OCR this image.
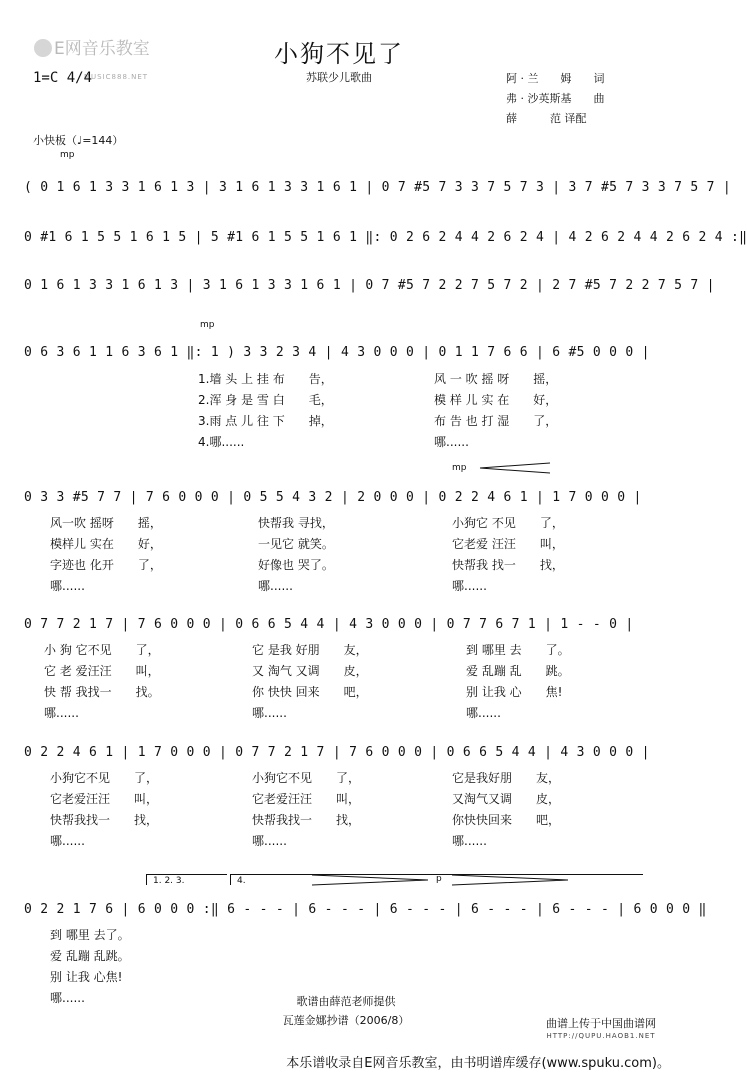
E网音乐教室
MUSIC888.NET
小狗不见了
苏联少儿歌曲
1=C 4/4	阿 · 兰　　姆　　词
弗 · 沙英斯基　　曲
薛　　　范 译配
小快板（♩=144）
mp
( 0 1 6 1 3 3 1 6 1 3 | 3 1 6 1 3 3 1 6 1 | 0 7 #5 7 3 3 7 5 7 3 | 3 7 #5 7 3 3 7 5 7 |
0 #1 6 1 5 5 1 6 1 5 | 5 #1 6 1 5 5 1 6 1 ‖: 0 2 6 2 4 4 2 6 2 4 | 4 2 6 2 4 4 2 6 2 4 :‖
0 1 6 1 3 3 1 6 1 3 | 3 1 6 1 3 3 1 6 1 | 0 7 #5 7 2 2 7 5 7 2 | 2 7 #5 7 2 2 7 5 7 |
mp
0 6 3 6 1 1 6 3 6 1 ‖: 1 ) 3 3 2 3 4 | 4 3 0 0 0 | 0 1 1 7 6 6 | 6 #5 0 0 0 |
1.墙 头 上 挂 布　　告，
2.浑 身 是 雪 白　　毛，
3.雨 点 儿 往 下　　掉，
4.哪......
风 一 吹 摇 呀　　摇，
模 样 儿 实 在　　好，
布 告 也 打 湿　　了，
哪......
mp
0 3 3 #5 7 7 | 7 6 0 0 0 | 0 5 5 4 3 2 | 2 0 0 0 | 0 2 2 4 6 1 | 1 7 0 0 0 |
风一吹 摇呀　　摇，
模样儿 实在　　好，
字迹也 化开　　了，
哪......
快帮我 寻找，
一见它 就笑。
好像也 哭了。
哪......
小狗它 不见　　了，
它老爱 汪汪　　叫，
快帮我 找一　　找，
哪......
0 7 7 2 1 7 | 7 6 0 0 0 | 0 6 6 5 4 4 | 4 3 0 0 0 | 0 7 7 6 7 1 | 1 - - 0 |
小 狗 它不见　　了，
它 老 爱汪汪　　叫，
快 帮 我找一　　找。
哪......
它 是我 好朋　　友，
又 淘气 又调　　皮，
你 快快 回来　　吧，
哪......
到 哪里 去　　了。
爱 乱蹦 乱　　跳。
别 让我 心　　焦!
哪......
0 2 2 4 6 1 | 1 7 0 0 0 | 0 7 7 2 1 7 | 7 6 0 0 0 | 0 6 6 5 4 4 | 4 3 0 0 0 |
小狗它不见　　了，
它老爱汪汪　　叫，
快帮我找一　　找，
哪......
小狗它不见　　了，
它老爱汪汪　　叫，
快帮我找一　　找，
哪......
它是我好朋　　友，
又淘气又调　　皮，
你快快回来　　吧，
哪......
1. 2. 3.	4.	p
0 2 2 1 7 6 | 6 0 0 0 :‖ 6 - - - | 6 - - - | 6 - - - | 6 - - - | 6 - - - | 6 0 0 0 ‖
到 哪里 去了。
爱 乱蹦 乱跳。
别 让我 心焦!
哪......	歌谱由薛范老师提供
瓦莲金娜抄谱（2006/8）	曲谱上传于中国曲谱网
HTTP://QUPU.HAOB1.NET
本乐谱收录自E网音乐教室，由书明谱库缓存(www.spuku.com)。
